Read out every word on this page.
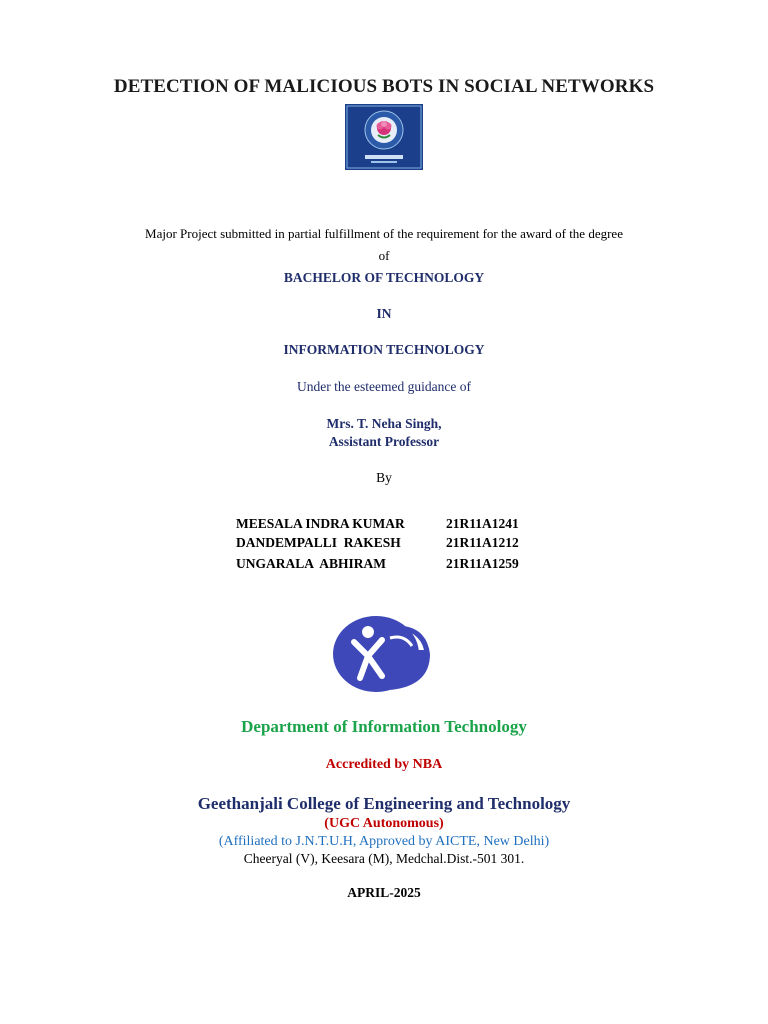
DETECTION OF MALICIOUS BOTS IN SOCIAL NETWORKS
Major Project submitted in partial fulfillment of the requirement for the award of the degree
of
BACHELOR OF TECHNOLOGY
IN
INFORMATION TECHNOLOGY
Under the esteemed guidance of
Mrs. T. Neha Singh,
Assistant Professor
By
MEESALA INDRA KUMAR	21R11A1241
DANDEMPALLI  RAKESH	21R11A1212
UNGARALA  ABHIRAM	21R11A1259
Department of Information Technology
Accredited by NBA
Geethanjali College of Engineering and Technology
(UGC Autonomous)
(Affiliated to J.N.T.U.H, Approved by AICTE, New Delhi)
Cheeryal (V), Keesara (M), Medchal.Dist.-501 301.
APRIL-2025
